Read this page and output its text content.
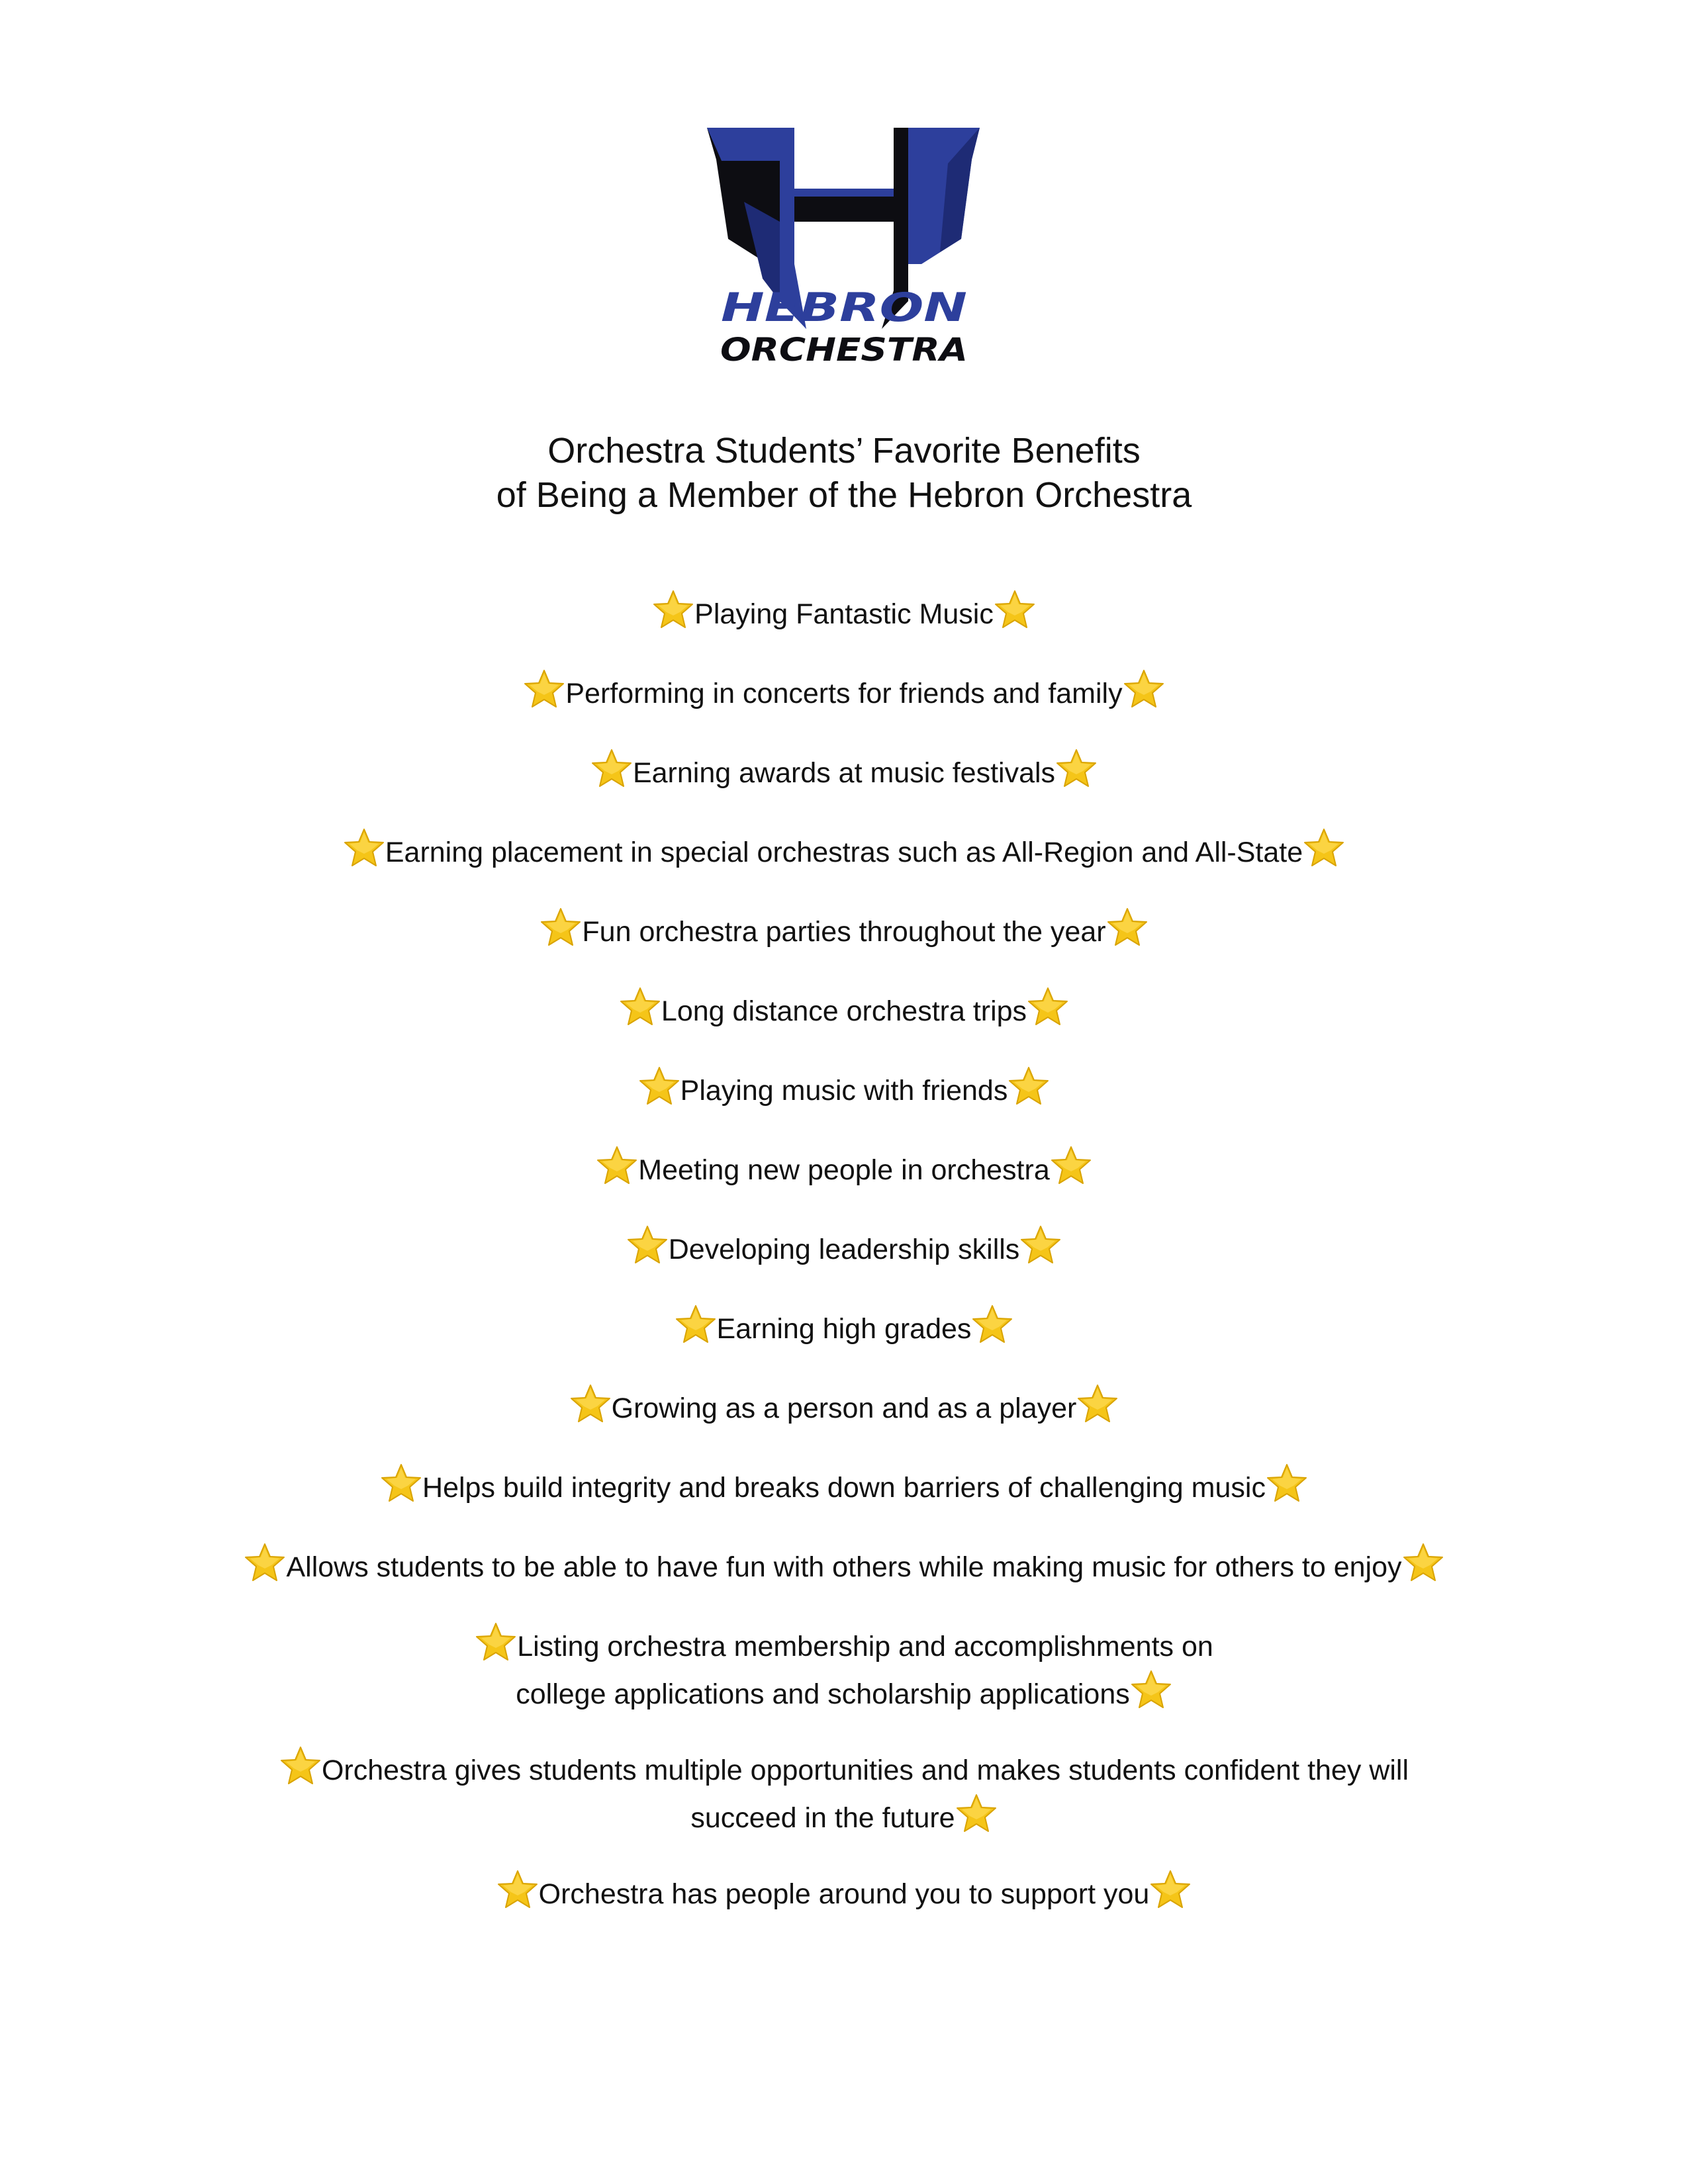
HEBRON
ORCHESTRA
Orchestra Students’ Favorite Benefits
of Being a Member of the Hebron Orchestra
Playing Fantastic Music
Performing in concerts for friends and family
Earning awards at music festivals
Earning placement in special orchestras such as All-Region and All-State
Fun orchestra parties throughout the year
Long distance orchestra trips
Playing music with friends
Meeting new people in orchestra
Developing leadership skills
Earning high grades
Growing as a person and as a player
Helps build integrity and breaks down barriers of challenging music
Allows students to be able to have fun with others while making music for others to enjoy
Listing orchestra membership and accomplishments on
college applications and scholarship applications
Orchestra gives students multiple opportunities and makes students confident they will
succeed in the future
Orchestra has people around you to support you
